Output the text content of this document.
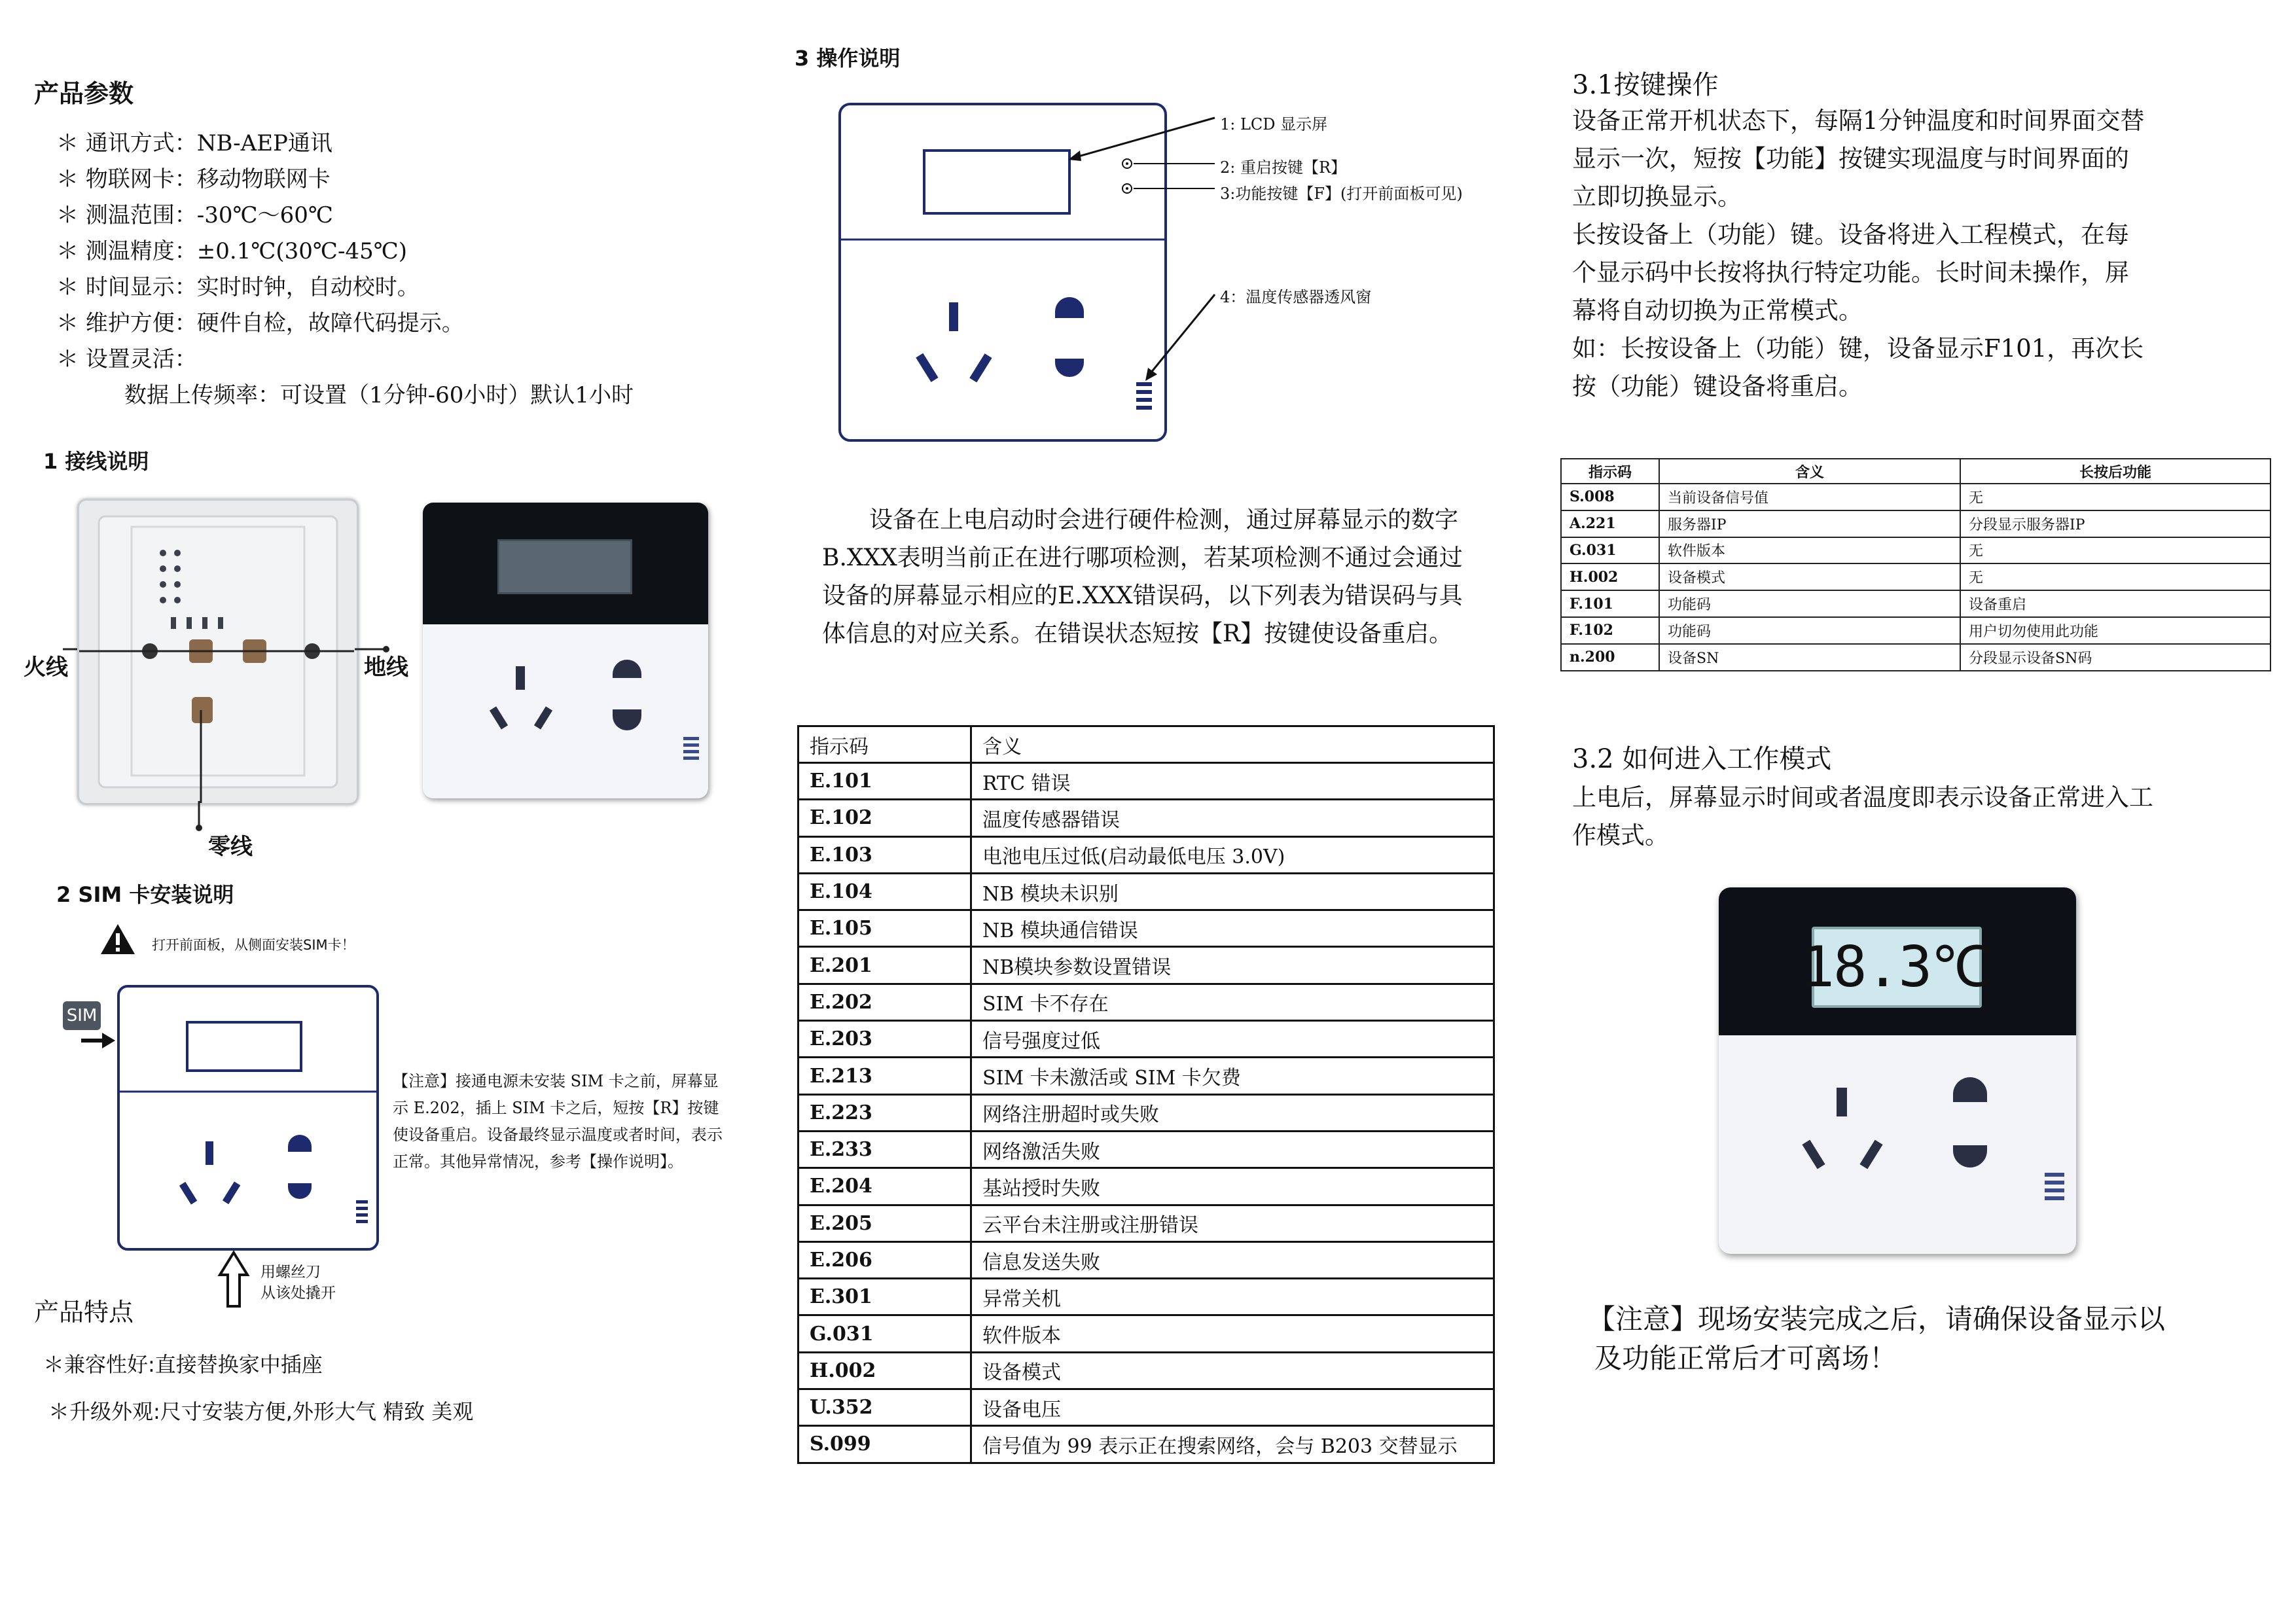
产品参数
＊ 通讯方式：NB-AEP通讯
＊ 物联网卡：移动物联网卡
＊ 测温范围：-30℃～60℃
＊ 测温精度：±0.1℃(30℃-45℃)
＊ 时间显示：实时时钟，自动校时。
＊ 维护方便：硬件自检，故障代码提示。
＊ 设置灵活：
数据上传频率：可设置（1分钟-60小时）默认1小时
1 接线说明
火线	地线
零线
2 SIM 卡安装说明
打开前面板，从侧面安装SIM卡！
SIM
用螺丝刀
从该处撬开
【注意】接通电源未安装 SIM 卡之前，屏幕显示 E.202，插上 SIM 卡之后，短按【R】按键使设备重启。设备最终显示温度或者时间，表示正常。其他异常情况，参考【操作说明】。
产品特点
＊兼容性好:直接替换家中插座
＊升级外观:尺寸安装方便,外形大气 精致 美观
3 操作说明
1: LCD 显示屏
2: 重启按键【R】
3:功能按键【F】(打开前面板可见)
4：温度传感器透风窗
设备在上电启动时会进行硬件检测，通过屏幕显示的数字B.XXX表明当前正在进行哪项检测，若某项检测不通过会通过设备的屏幕显示相应的E.XXX错误码，以下列表为错误码与具体信息的对应关系。在错误状态短按【R】按键使设备重启。
指示码	含义
E.101	RTC 错误
E.102	温度传感器错误
E.103	电池电压过低(启动最低电压 3.0V)
E.104	NB 模块未识别
E.105	NB 模块通信错误
E.201	NB模块参数设置错误
E.202	SIM 卡不存在
E.203	信号强度过低
E.213	SIM 卡未激活或 SIM 卡欠费
E.223	网络注册超时或失败
E.233	网络激活失败
E.204	基站授时失败
E.205	云平台未注册或注册错误
E.206	信息发送失败
E.301	异常关机
G.031	软件版本
H.002	设备模式
U.352	设备电压
S.099	信号值为 99 表示正在搜索网络，会与 B203 交替显示
3.1按键操作
设备正常开机状态下，每隔1分钟温度和时间界面交替
显示一次，短按【功能】按键实现温度与时间界面的
立即切换显示。
长按设备上（功能）键。设备将进入工程模式，在每
个显示码中长按将执行特定功能。长时间未操作，屏
幕将自动切换为正常模式。
如：长按设备上（功能）键，设备显示F101，再次长
按（功能）键设备将重启。
指示码	含义	长按后功能
S.008	当前设备信号值	无
A.221	服务器IP	分段显示服务器IP
G.031	软件版本	无
H.002	设备模式	无
F.101	功能码	设备重启
F.102	功能码	用户切勿使用此功能
n.200	设备SN	分段显示设备SN码
3.2 如何进入工作模式
上电后，屏幕显示时间或者温度即表示设备正常进入工
作模式。
18.3℃
【注意】现场安装完成之后，请确保设备显示以
及功能正常后才可离场！
